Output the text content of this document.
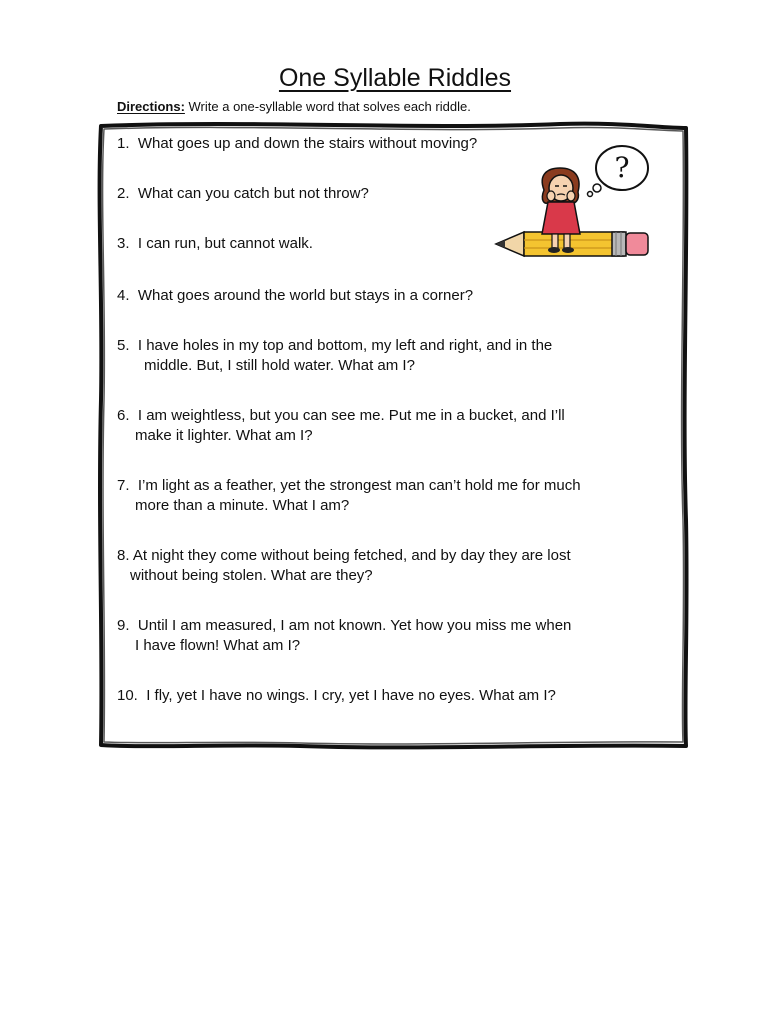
One Syllable Riddles

Directions: Write a one-syllable word that solves each riddle.

1. What goes up and down the stairs without moving?
2. What can you catch but not throw?
3. I can run, but cannot walk.
4. What goes around the world but stays in a corner?
5. I have holes in my top and bottom, my left and right, and in the
middle. But, I still hold water. What am I?
6.  I am weightless, but you can see me. Put me in a bucket, and I’ll
make it lighter. What am I?
7. I’m light as a feather, yet the strongest man can’t hold me for much
more than a minute. What I am?
8. At night they come without being fetched, and by day they are lost
without being stolen. What are they?
9. Until I am measured, I am not known. Yet how you miss me when
I have flown! What am I?
10. I fly, yet I have no wings. I cry, yet I have no eyes. What am I?
?
